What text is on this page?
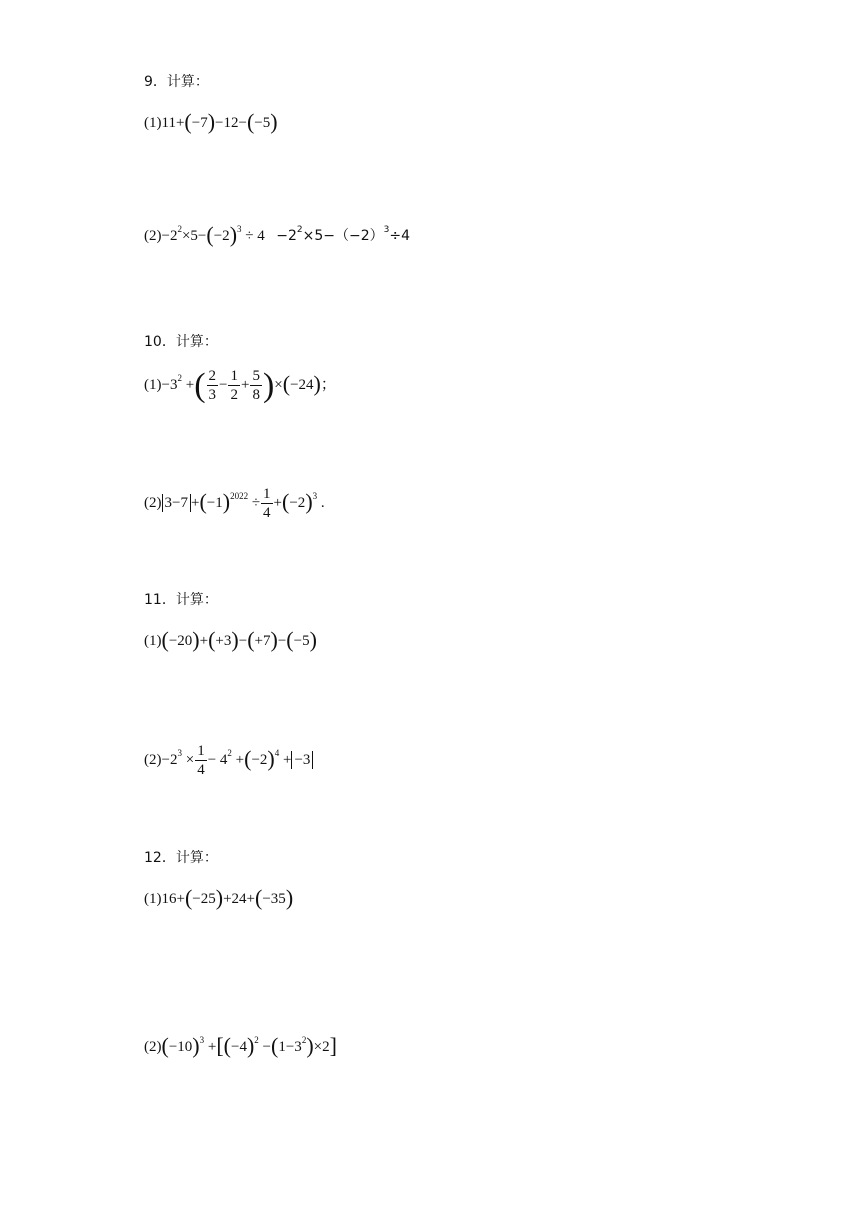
9．计算：
(1)11+(−7)−12−(−5)
$(2)-2^2\times 5-(-2)^3 \div 4 -2^2\times 5-(-2)^3\div 4$
10．计算：
$(1)-3^2$ +( $\frac{2}{3} - \frac{1}{2} + \frac{5}{8} )\times(-24)$；
(2) $3-7 +(-1)^{2022} \div \frac{1}{4} +(-2)^3$ .
11．计算：
(1)(−20)+(+3)−(+7)−(−5)
$(2)-2^3 \times \frac{1}{4} - 4^2 +(-2)^4 + -3$
12．计算：
(1)16+(−25)+24+(−35)
$(2)(-10)^3 +[(-4)^2 -(1-3^2)\times 2]$
